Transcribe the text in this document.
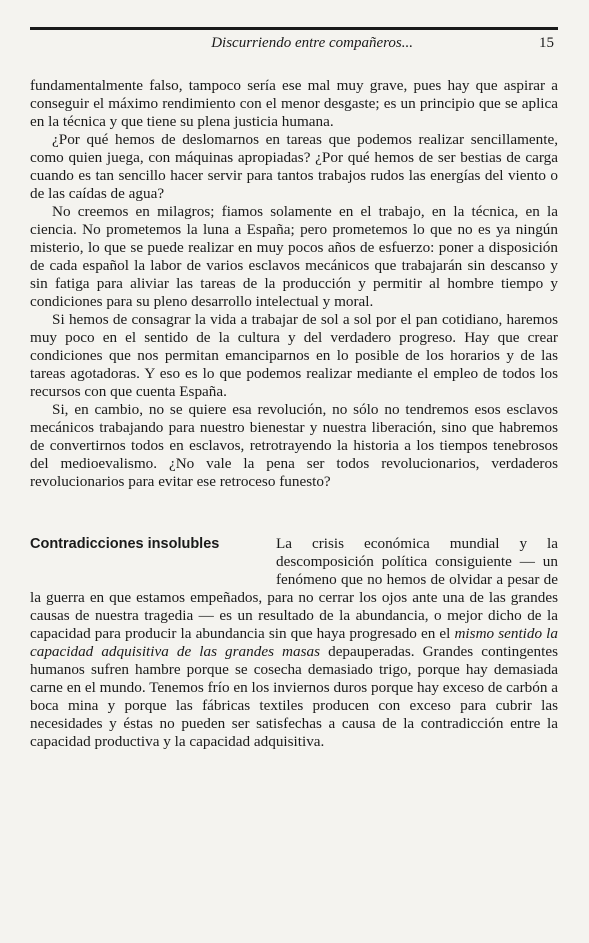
Discurriendo entre compañeros...	15

fundamentalmente falso, tampoco sería ese mal muy grave, pues hay que aspirar a conseguir el máximo rendimiento con el menor desgaste; es un principio que se aplica en la técnica y que tiene su plena justicia humana.

¿Por qué hemos de deslomarnos en tareas que podemos realizar sencillamente, como quien juega, con máquinas apropiadas? ¿Por qué hemos de ser bestias de carga cuando es tan sencillo hacer servir para tantos trabajos rudos las energías del viento o de las caídas de agua?

No creemos en milagros; fiamos solamente en el trabajo, en la técnica, en la ciencia. No prometemos la luna a España; pero prometemos lo que no es ya ningún misterio, lo que se puede realizar en muy pocos años de esfuerzo: poner a disposición de cada español la labor de varios esclavos mecánicos que trabajarán sin descanso y sin fatiga para aliviar las tareas de la producción y permitir al hombre tiempo y condiciones para su pleno desarrollo intelectual y moral.

Si hemos de consagrar la vida a trabajar de sol a sol por el pan cotidiano, haremos muy poco en el sentido de la cultura y del verdadero progreso. Hay que crear condiciones que nos permitan emanciparnos en lo posible de los horarios y de las tareas agotadoras. Y eso es lo que podemos realizar mediante el empleo de todos los recursos con que cuenta España.

Si, en cambio, no se quiere esa revolución, no sólo no tendremos esos esclavos mecánicos trabajando para nuestro bienestar y nuestra liberación, sino que habremos de convertirnos todos en esclavos, retrotrayendo la historia a los tiempos tenebrosos del medioevalismo. ¿No vale la pena ser todos revolucionarios, verdaderos revolucionarios para evitar ese retroceso funesto?

Contradicciones insolubles	La crisis económica mundial y la descomposición política consiguiente — un fenómeno que no hemos de olvidar a pesar de la guerra en que estamos empeñados, para no cerrar los ojos ante una de las grandes causas de nuestra tragedia — es un resultado de la abundancia, o mejor dicho de la capacidad para producir la abundancia sin que haya progresado en el mismo sentido la capacidad adquisitiva de las grandes masas depauperadas. Grandes contingentes humanos sufren hambre porque se cosecha demasiado trigo, porque hay demasiada carne en el mundo. Tenemos frío en los inviernos duros porque hay exceso de carbón a boca mina y porque las fábricas textiles producen con exceso para cubrir las necesidades y éstas no pueden ser satisfechas a causa de la contradicción entre la capacidad productiva y la capacidad adquisitiva.
